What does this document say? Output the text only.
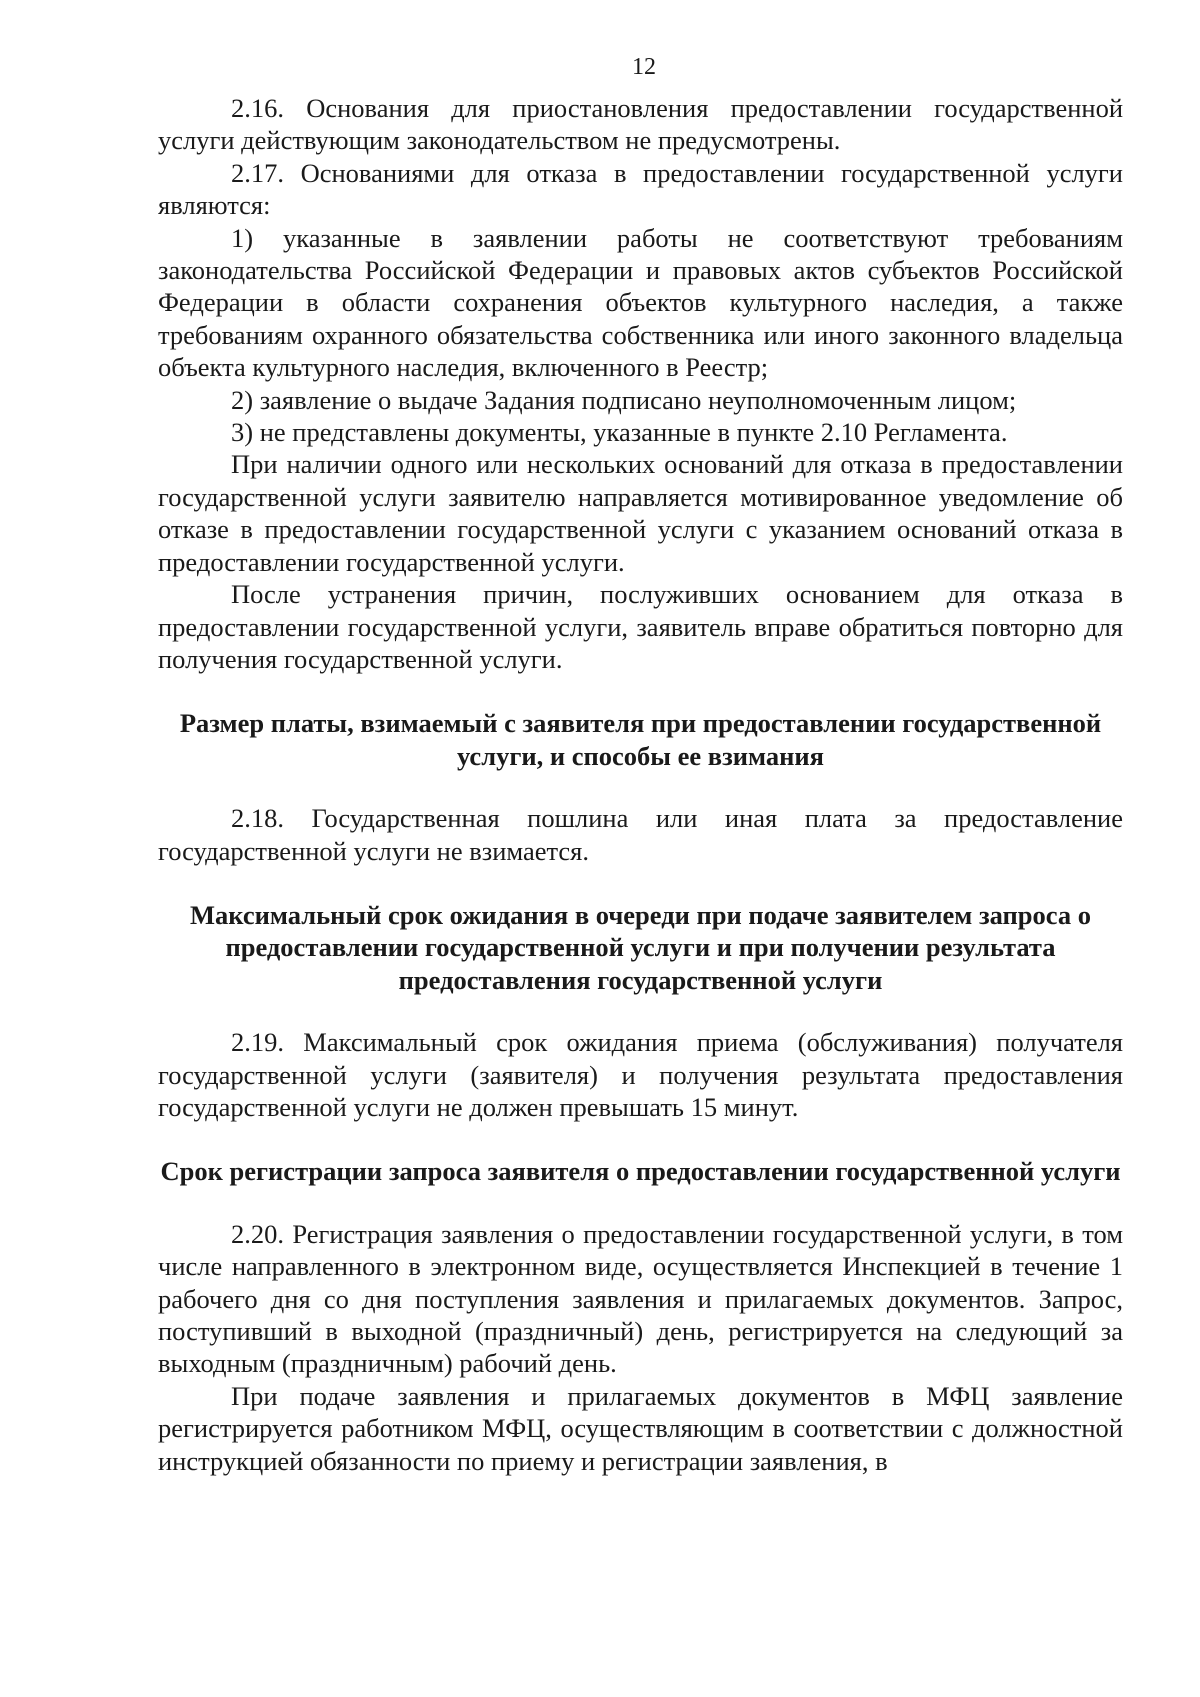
12

2.16. Основания для приостановления предоставлении государственной услуги действующим законодательством не предусмотрены.

2.17. Основаниями для отказа в предоставлении государственной услуги являются:

1) указанные в заявлении работы не соответствуют требованиям законодательства Российской Федерации и правовых актов субъектов Российской Федерации в области сохранения объектов культурного наследия, а также требованиям охранного обязательства собственника или иного законного владельца объекта культурного наследия, включенного в Реестр;

2) заявление о выдаче Задания подписано неуполномоченным лицом;

3) не представлены документы, указанные в пункте 2.10 Регламента.

При наличии одного или нескольких оснований для отказа в предоставлении государственной услуги заявителю направляется мотивированное уведомление об отказе в предоставлении государственной услуги с указанием оснований отказа в предоставлении государственной услуги.

После устранения причин, послуживших основанием для отказа в предоставлении государственной услуги, заявитель вправе обратиться повторно для получения государственной услуги.

Размер платы, взимаемый с заявителя при предоставлении государственной услуги, и способы ее взимания

2.18. Государственная пошлина или иная плата за предоставление государственной услуги не взимается.

Максимальный срок ожидания в очереди при подаче заявителем запроса о предоставлении государственной услуги и при получении результата предоставления государственной услуги

2.19. Максимальный срок ожидания приема (обслуживания) получателя государственной услуги (заявителя) и получения результата предоставления государственной услуги не должен превышать 15 минут.

Срок регистрации запроса заявителя о предоставлении государственной услуги

2.20. Регистрация заявления о предоставлении государственной услуги, в том числе направленного в электронном виде, осуществляется Инспекцией в течение 1 рабочего дня со дня поступления заявления и прилагаемых документов. Запрос, поступивший в выходной (праздничный) день, регистрируется на следующий за выходным (праздничным) рабочий день.

При подаче заявления и прилагаемых документов в МФЦ заявление регистрируется работником МФЦ, осуществляющим в соответствии с должностной инструкцией обязанности по приему и регистрации заявления, в
